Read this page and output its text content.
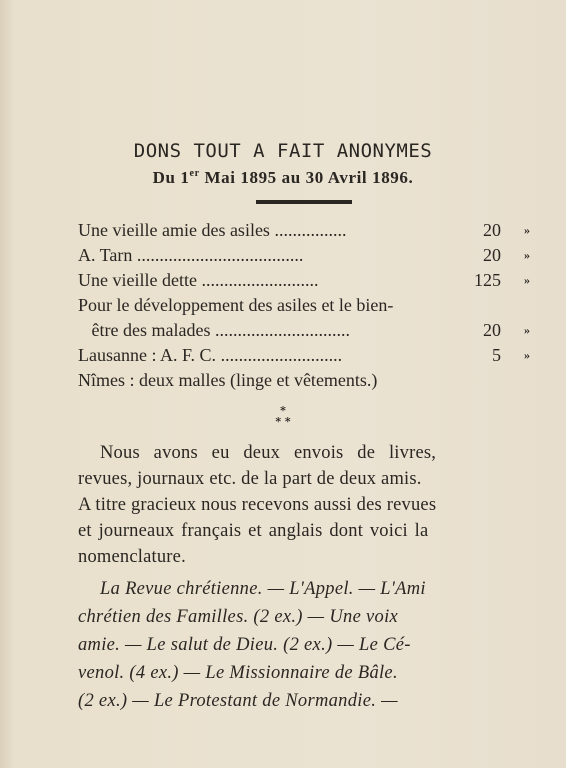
DONS TOUT A FAIT ANONYMES
Du 1er Mai 1895 au 30 Avril 1896.
Une vieille amie des asiles ................	20 »
A. Tarn .....................................	20 »
Une vieille dette ..........................	125 »
Pour le développement des asiles et le bien-
être des malades ..............................	20 »
Lausanne : A. F. C. ...........................	5 »
Nîmes : deux malles (linge et vêtements.)
*
* *
Nous avons eu deux envois de livres,
revues, journaux etc. de la part de deux amis.
A titre gracieux nous recevons aussi des revues
et journeaux français et anglais dont voici la
nomenclature.
La Revue chrétienne. — L'Appel. — L'Ami
chrétien des Familles. (2 ex.) — Une voix
amie. — Le salut de Dieu. (2 ex.) — Le Cé-
venol. (4 ex.) — Le Missionnaire de Bâle.
(2 ex.) — Le Protestant de Normandie. —
